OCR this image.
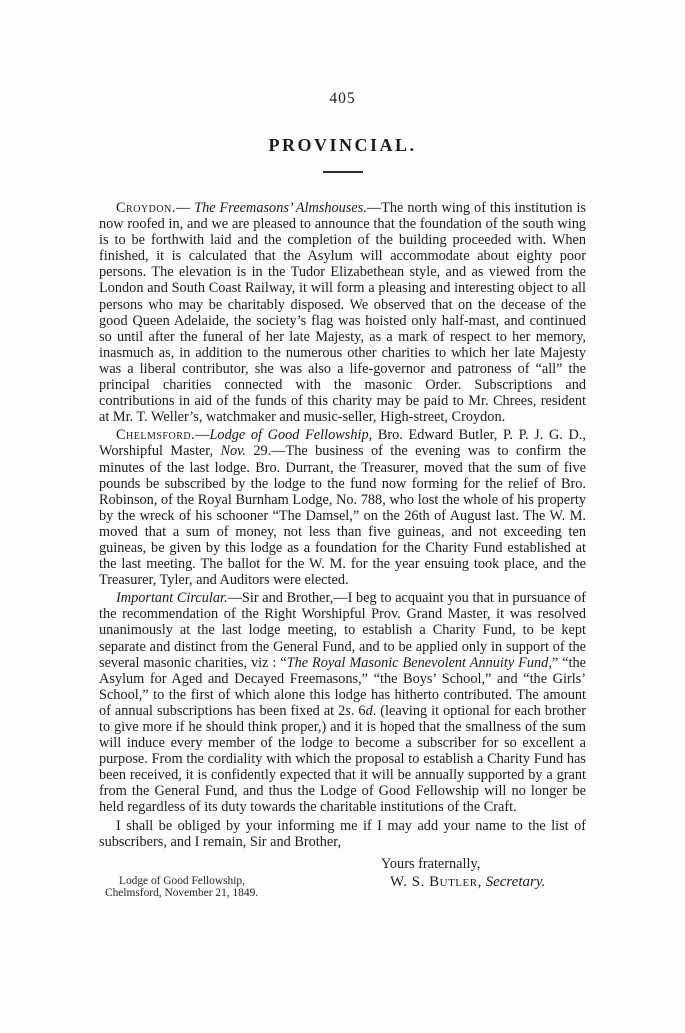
405
PROVINCIAL.

Croydon.— The Freemasons’ Almshouses.—The north wing of this institution is now roofed in, and we are pleased to announce that the foundation of the south wing is to be forthwith laid and the completion of the building proceeded with. When finished, it is calculated that the Asylum will accommodate about eighty poor persons. The elevation is in the Tudor Elizabethean style, and as viewed from the London and South Coast Railway, it will form a pleasing and interesting object to all persons who may be charitably disposed. We observed that on the decease of the good Queen Adelaide, the society’s flag was hoisted only half-mast, and continued so until after the funeral of her late Majesty, as a mark of respect to her memory, inasmuch as, in addition to the numerous other charities to which her late Majesty was a liberal contributor, she was also a life-governor and patroness of “all” the principal charities connected with the masonic Order. Subscriptions and contributions in aid of the funds of this charity may be paid to Mr. Chrees, resident at Mr. T. Weller’s, watchmaker and music-seller, High-street, Croydon.

Chelmsford.—Lodge of Good Fellowship, Bro. Edward Butler, P. P. J. G. D., Worshipful Master, Nov. 29.—The business of the evening was to confirm the minutes of the last lodge. Bro. Durrant, the Treasurer, moved that the sum of five pounds be subscribed by the lodge to the fund now forming for the relief of Bro. Robinson, of the Royal Burnham Lodge, No. 788, who lost the whole of his property by the wreck of his schooner “The Damsel,” on the 26th of August last. The W. M. moved that a sum of money, not less than five guineas, and not exceeding ten guineas, be given by this lodge as a foundation for the Charity Fund established at the last meeting. The ballot for the W. M. for the year ensuing took place, and the Treasurer, Tyler, and Auditors were elected.

Important Circular.—Sir and Brother,—I beg to acquaint you that in pursuance of the recommendation of the Right Worshipful Prov. Grand Master, it was resolved unanimously at the last lodge meeting, to establish a Charity Fund, to be kept separate and distinct from the General Fund, and to be applied only in support of the several masonic charities, viz : “The Royal Masonic Benevolent Annuity Fund,” “the Asylum for Aged and Decayed Freemasons,” “the Boys’ School,” and “the Girls’ School,” to the first of which alone this lodge has hitherto contributed. The amount of annual subscriptions has been fixed at 2s. 6d. (leaving it optional for each brother to give more if he should think proper,) and it is hoped that the smallness of the sum will induce every member of the lodge to become a subscriber for so excellent a purpose. From the cordiality with which the proposal to establish a Charity Fund has been received, it is confidently expected that it will be annually supported by a grant from the General Fund, and thus the Lodge of Good Fellowship will no longer be held regardless of its duty towards the charitable institutions of the Craft.

I shall be obliged by your informing me if I may add your name to the list of subscribers, and I remain, Sir and Brother,

Lodge of Good Fellowship,
Chelmsford, November 21, 1849.
Yours fraternally,
W. S. Butler, Secretary.
